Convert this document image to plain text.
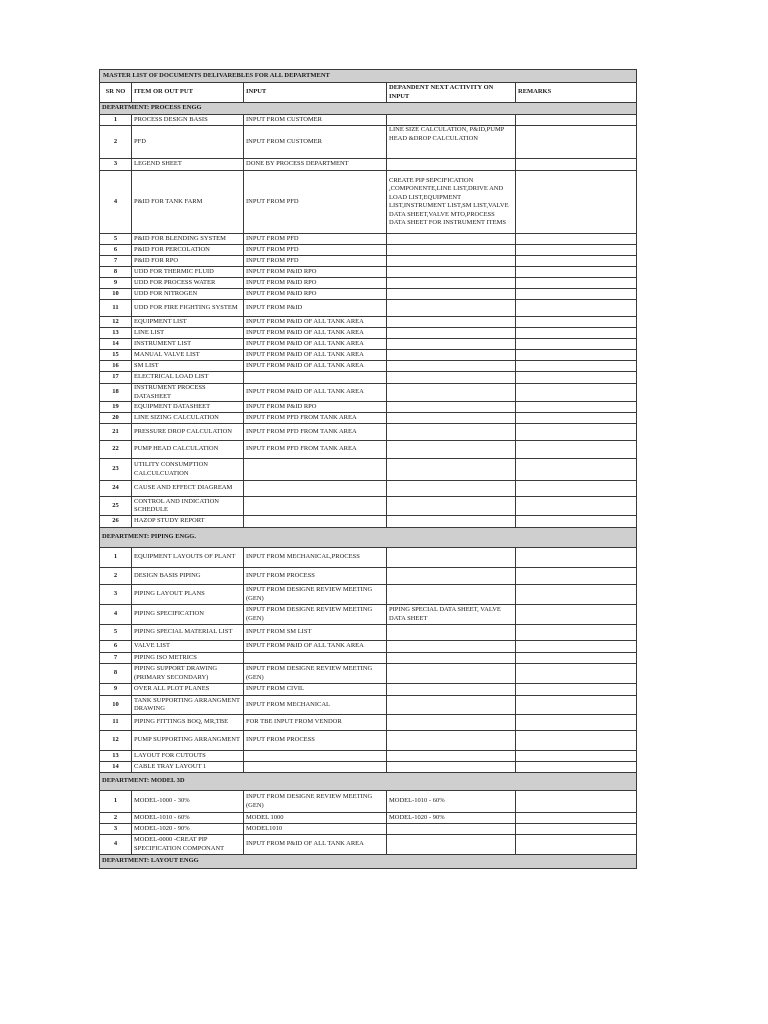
MASTER LIST OF DOCUMENTS DELIVAREBLES FOR ALL DEPARTMENT				
SR NO	ITEM OR OUT PUT	INPUT	DEPANDENT NEXT ACTIVITY ON INPUT	REMARKS
DEPARTMENT: PROCESS ENGG				
1	PROCESS DESIGN BASIS	INPUT FROM CUSTOMER		
2	PFD	INPUT FROM CUSTOMER	LINE SIZE CALCULATION, P&ID,PUMP HEAD &DROP CALCULATION	
3	LEGEND SHEET	DONE BY PROCESS DEPARTMENT		
4	P&ID FOR TANK FARM	INPUT FROM PFD	CREATE PIP SEPCIFICATION ,COMPONENTE,LINE LIST,DRIVE AND LOAD LIST,EQUIPMENT LIST,INSTRUMENT LIST,SM LIST,VALVE DATA SHEET,VALVE MTO,PROCESS DATA SHEET FOR INSTRUMENT ITEMS	
5	P&ID FOR BLENDING SYSTEM	INPUT FROM PFD		
6	P&ID FOR PERCOLATION	INPUT FROM PFD		
7	P&ID FOR RPO	INPUT FROM PFD		
8	UDD FOR THERMIC FLUID	INPUT FROM P&ID RPO		
9	UDD FOR PROCESS WATER	INPUT FROM P&ID RPO		
10	UDD FOR NITROGEN	INPUT FROM P&ID RPO		
11	UDD FOR FIRE FIGHTING SYSTEM	INPUT FROM P&ID		
12	EQUIPMENT LIST	INPUT FROM P&ID OF ALL TANK AREA		
13	LINE LIST	INPUT FROM P&ID OF ALL TANK AREA		
14	INSTRUMENT LIST	INPUT FROM P&ID OF ALL TANK AREA		
15	MANUAL VALVE LIST	INPUT FROM P&ID OF ALL TANK AREA		
16	SM LIST	INPUT FROM P&ID OF ALL TANK AREA		
17	ELECTRICAL LOAD LIST			
18	INSTRUMENT PROCESS DATASHEET	INPUT FROM P&ID OF ALL TANK AREA		
19	EQUIPMENT DATASHEET	INPUT FROM P&ID RPO		
20	LINE SIZING CALCULATION	INPUT FROM PFD FROM TANK AREA		
21	PRESSURE DROP CALCULATION	INPUT FROM PFD FROM TANK AREA		
22	PUMP HEAD CALCULATION	INPUT FROM PFD FROM TANK AREA		
23	UTILITY CONSUMPTION CALCULCUATION			
24	CAUSE AND EFFECT DIAGREAM			
25	CONTROL AND INDICATION SCHEDULE			
26	HAZOP STUDY REPORT			
DEPARTMENT: PIPING ENGG.				
1	EQUIPMENT LAYOUTS OF PLANT	INPUT FROM MECHANICAL,PROCESS		
2	DESIGN BASIS PIPING	INPUT FROM PROCESS		
3	PIPING LAYOUT PLANS	INPUT FROM DESIGNE REVIEW MEETING (GEN)		
4	PIPING SPECIFICATION	INPUT FROM DESIGNE REVIEW MEETING (GEN)	PIPING SPECIAL DATA SHEET, VALVE DATA SHEET	
5	PIPING SPECIAL MATERIAL LIST	INPUT FROM SM LIST		
6	VALVE LIST	INPUT FROM P&ID OF ALL TANK AREA		
7	PIPING ISO METRICS			
8	PIPING SUPPORT DRAWING (PRIMARY SECONDARY)	INPUT FROM DESIGNE REVIEW MEETING (GEN)		
9	OVER ALL PLOT PLANES	INPUT FROM CIVIL		
10	TANK SUPPORTING ARRANGMENT DRAWING	INPUT FROM MECHANICAL		
11	PIPING FITTINGS BOQ, MR,TBE	FOR TBE INPUT FROM VENDOR		
12	PUMP SUPPORTING ARRANGMENT	INPUT FROM PROCESS		
13	LAYOUT FOR CUTOUTS			
14	CABLE TRAY LAYOUT 1			
DEPARTMENT: MODEL 3D				
1	MODEL-1000 - 30%	INPUT FROM DESIGNE REVIEW MEETING (GEN)	MODEL-1010 - 60%	
2	MODEL-1010 - 60%	MODEL 1000	MODEL-1020 - 90%	
3	MODEL-1020 - 90%	MODEL1010		
4	MODEL-0000 -CREAT PIP SPECIFICATION COMPONANT	INPUT FROM P&ID OF ALL TANK AREA		
DEPARTMENT: LAYOUT ENGG				
